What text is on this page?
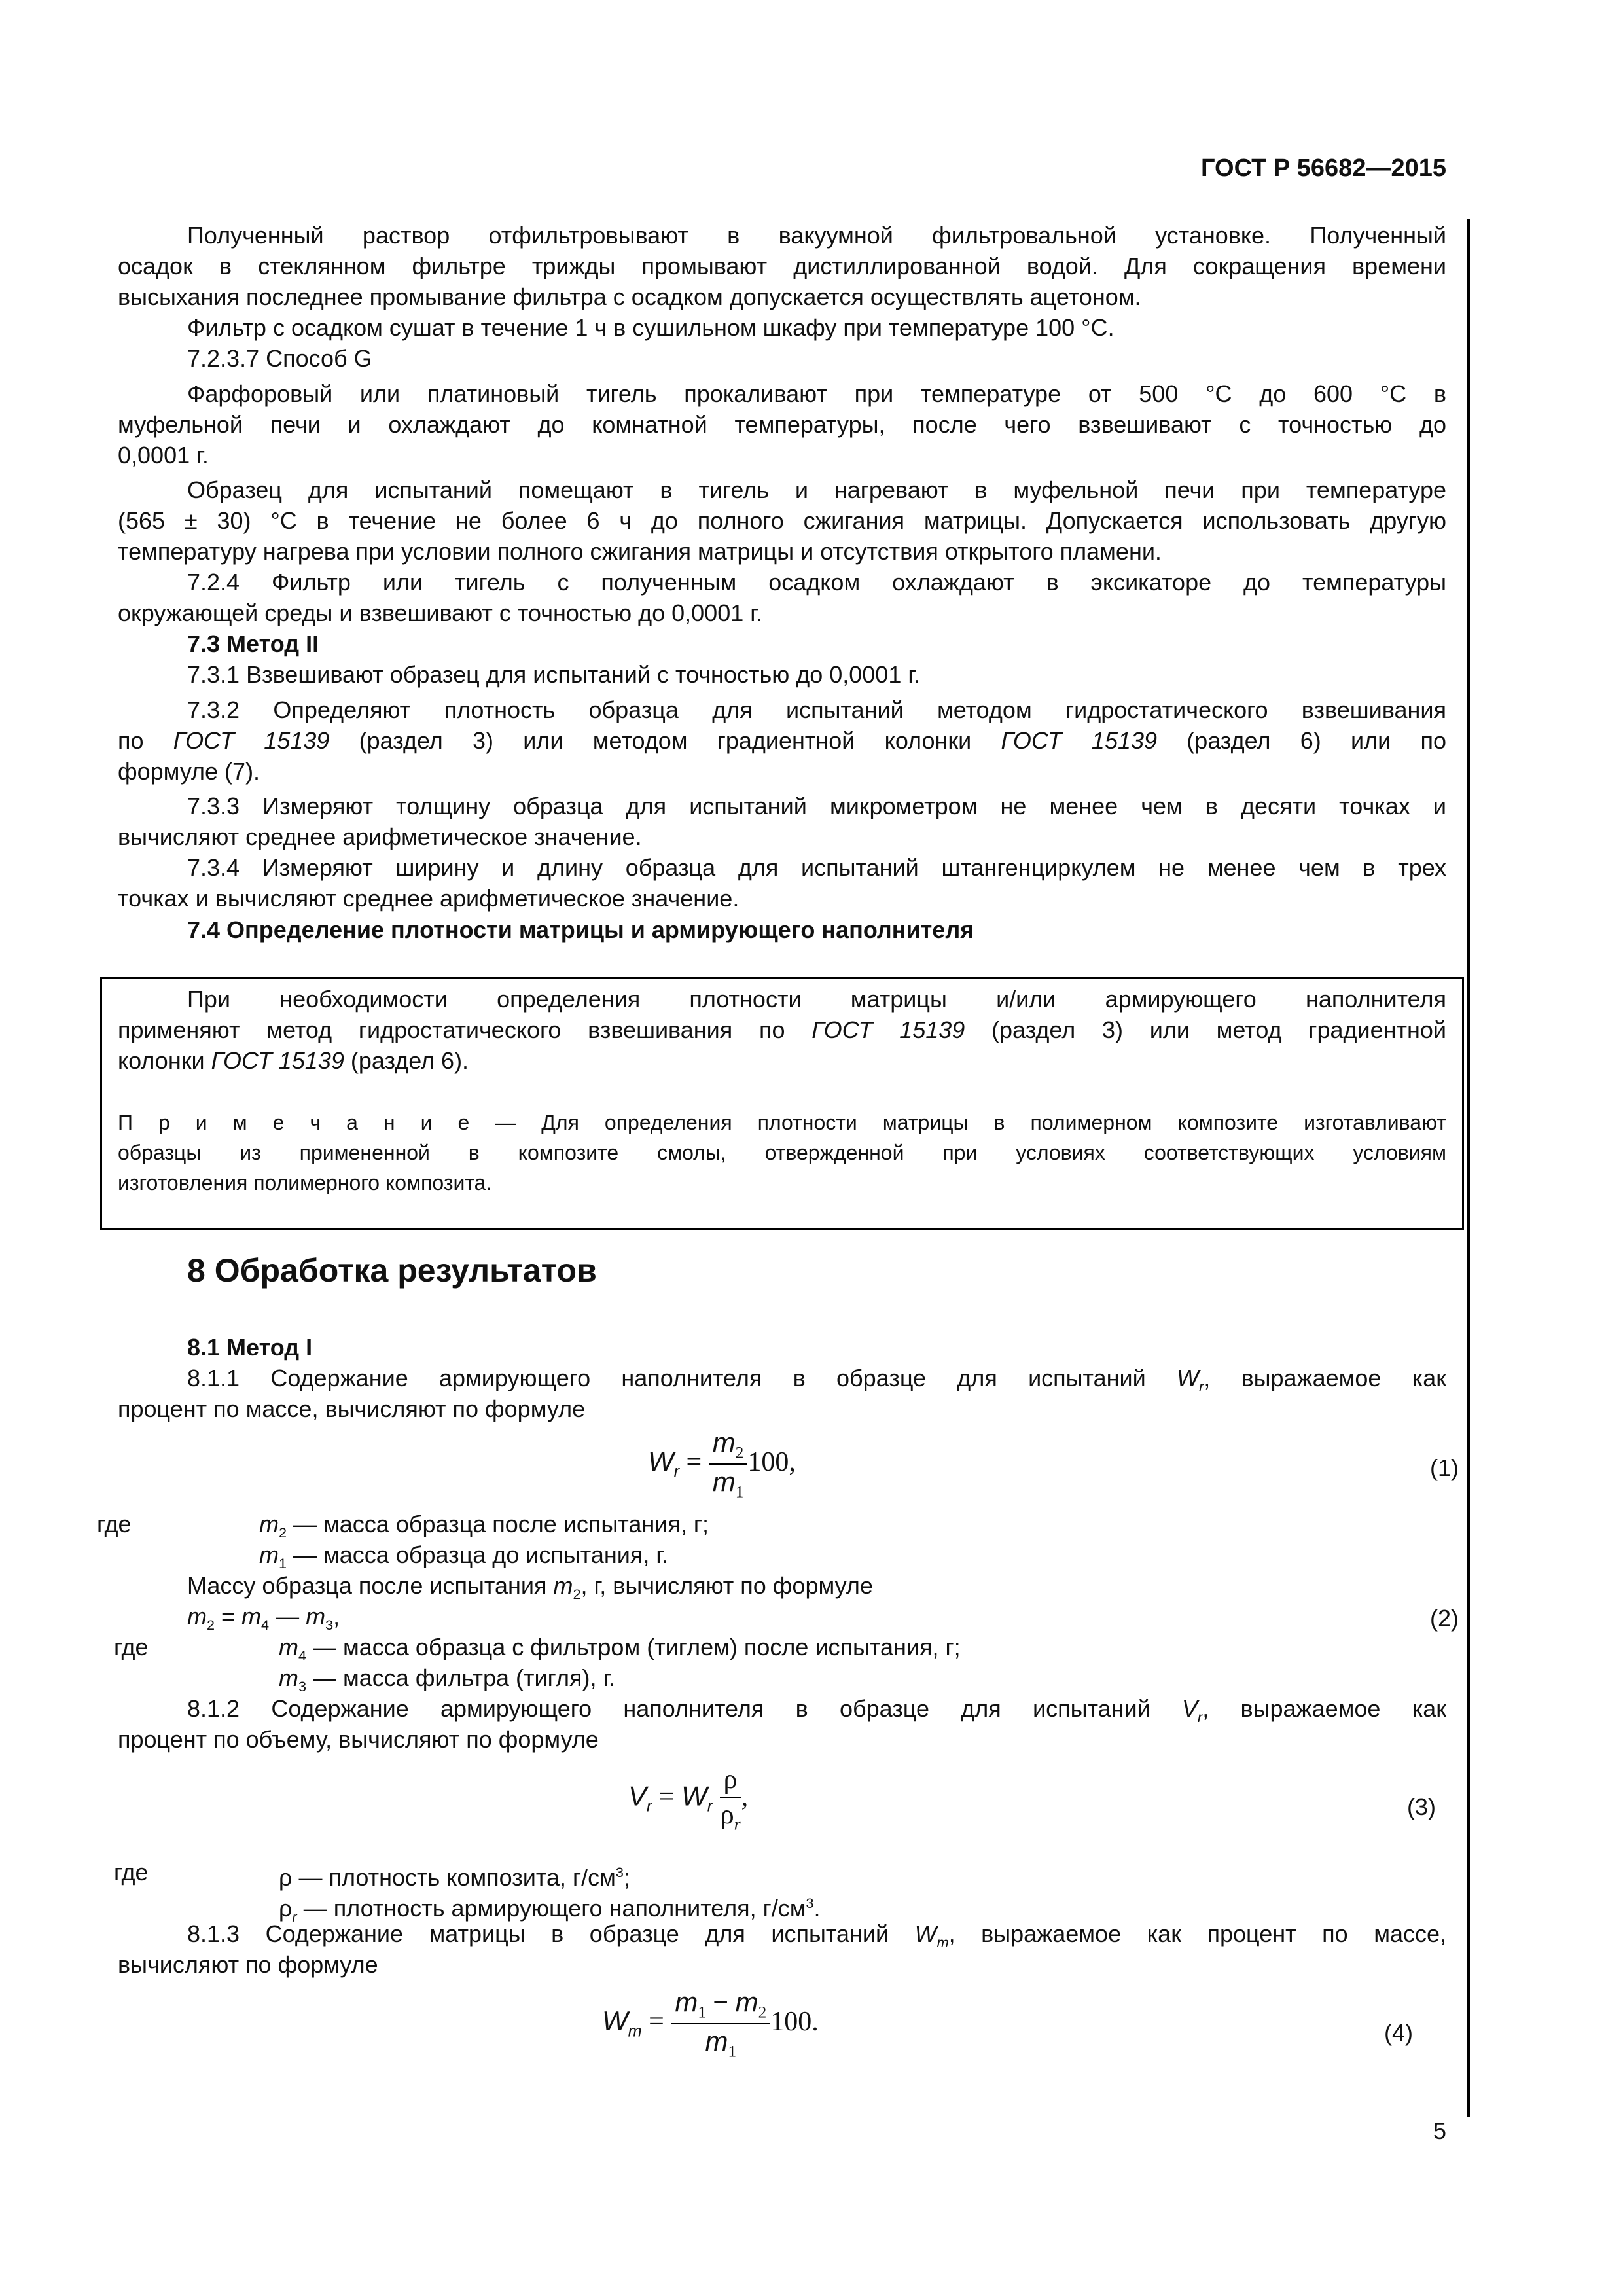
ГОСТ Р 56682—2015
Полученный раствор отфильтровывают в вакуумной фильтровальной установке. Полученный
осадок в стеклянном фильтре трижды промывают дистиллированной водой. Для сокращения времени
высыхания последнее промывание фильтра с осадком допускается осуществлять ацетоном.
Фильтр с осадком сушат в течение 1 ч в сушильном шкафу при температуре 100 °С.
7.2.3.7 Способ G
Фарфоровый или платиновый тигель прокаливают при температуре от 500 °С до 600 °С в
муфельной печи и охлаждают до комнатной температуры, после чего взвешивают с точностью до
0,0001 г.
Образец для испытаний помещают в тигель и нагревают в муфельной печи при температуре
(565 ± 30) °С в течение не более 6 ч до полного сжигания матрицы. Допускается использовать другую
температуру нагрева при условии полного сжигания матрицы и отсутствия открытого пламени.
7.2.4 Фильтр или тигель с полученным осадком охлаждают в эксикаторе до температуры
окружающей среды и взвешивают с точностью до 0,0001 г.
7.3 Метод II
7.3.1 Взвешивают образец для испытаний с точностью до 0,0001 г.
7.3.2 Определяют плотность образца для испытаний методом гидростатического взвешивания
по ГОСТ 15139 (раздел 3) или методом градиентной колонки ГОСТ 15139 (раздел 6) или по
формуле (7).
7.3.3 Измеряют толщину образца для испытаний микрометром не менее чем в десяти точках и
вычисляют среднее арифметическое значение.
7.3.4 Измеряют ширину и длину образца для испытаний штангенциркулем не менее чем в трех
точках и вычисляют среднее арифметическое значение.
7.4 Определение плотности матрицы и армирующего наполнителя
При необходимости определения плотности матрицы и/или армирующего наполнителя
применяют метод гидростатического взвешивания по ГОСТ 15139 (раздел 3) или метод градиентной
колонки ГОСТ 15139 (раздел 6).
П р и м е ч а н и е — Для определения плотности матрицы в полимерном композите изготавливают
образцы из примененной в композите смолы, отвержденной при условиях соответствующих условиям
изготовления полимерного композита.
8 Обработка результатов
8.1 Метод I
8.1.1 Содержание армирующего наполнителя в образце для испытаний $W_r$, выражаемое как
процент по массе, вычисляют по формуле
$W_r = \frac{m_2}{m_1} 100$,	(1)
где	$m_2$ — масса образца после испытания, г;
$m_1$ — масса образца до испытания, г.
Массу образца после испытания $m_2$, г, вычисляют по формуле
$m_2 = m_4$ — $m_3$,	(2)
где	$m_4$ — масса образца с фильтром (тиглем) после испытания, г;
$m_3$ — масса фильтра (тигля), г.
8.1.2 Содержание армирующего наполнителя в образце для испытаний $V_r$, выражаемое как
процент по объему, вычисляют по формуле
$V_r = W_r \frac{\rho}{\rho_r}$ ,	(3)
где	ρ — плотность композита, $г/см^3$;
$\rho_r$ — плотность армирующего наполнителя, $г/см^3$.
8.1.3 Содержание матрицы в образце для испытаний $W_m$, выражаемое как процент по массе,
вычисляют по формуле
$W_m = \frac{m_1 - m_2}{m_1} 100$.	(4)
5
